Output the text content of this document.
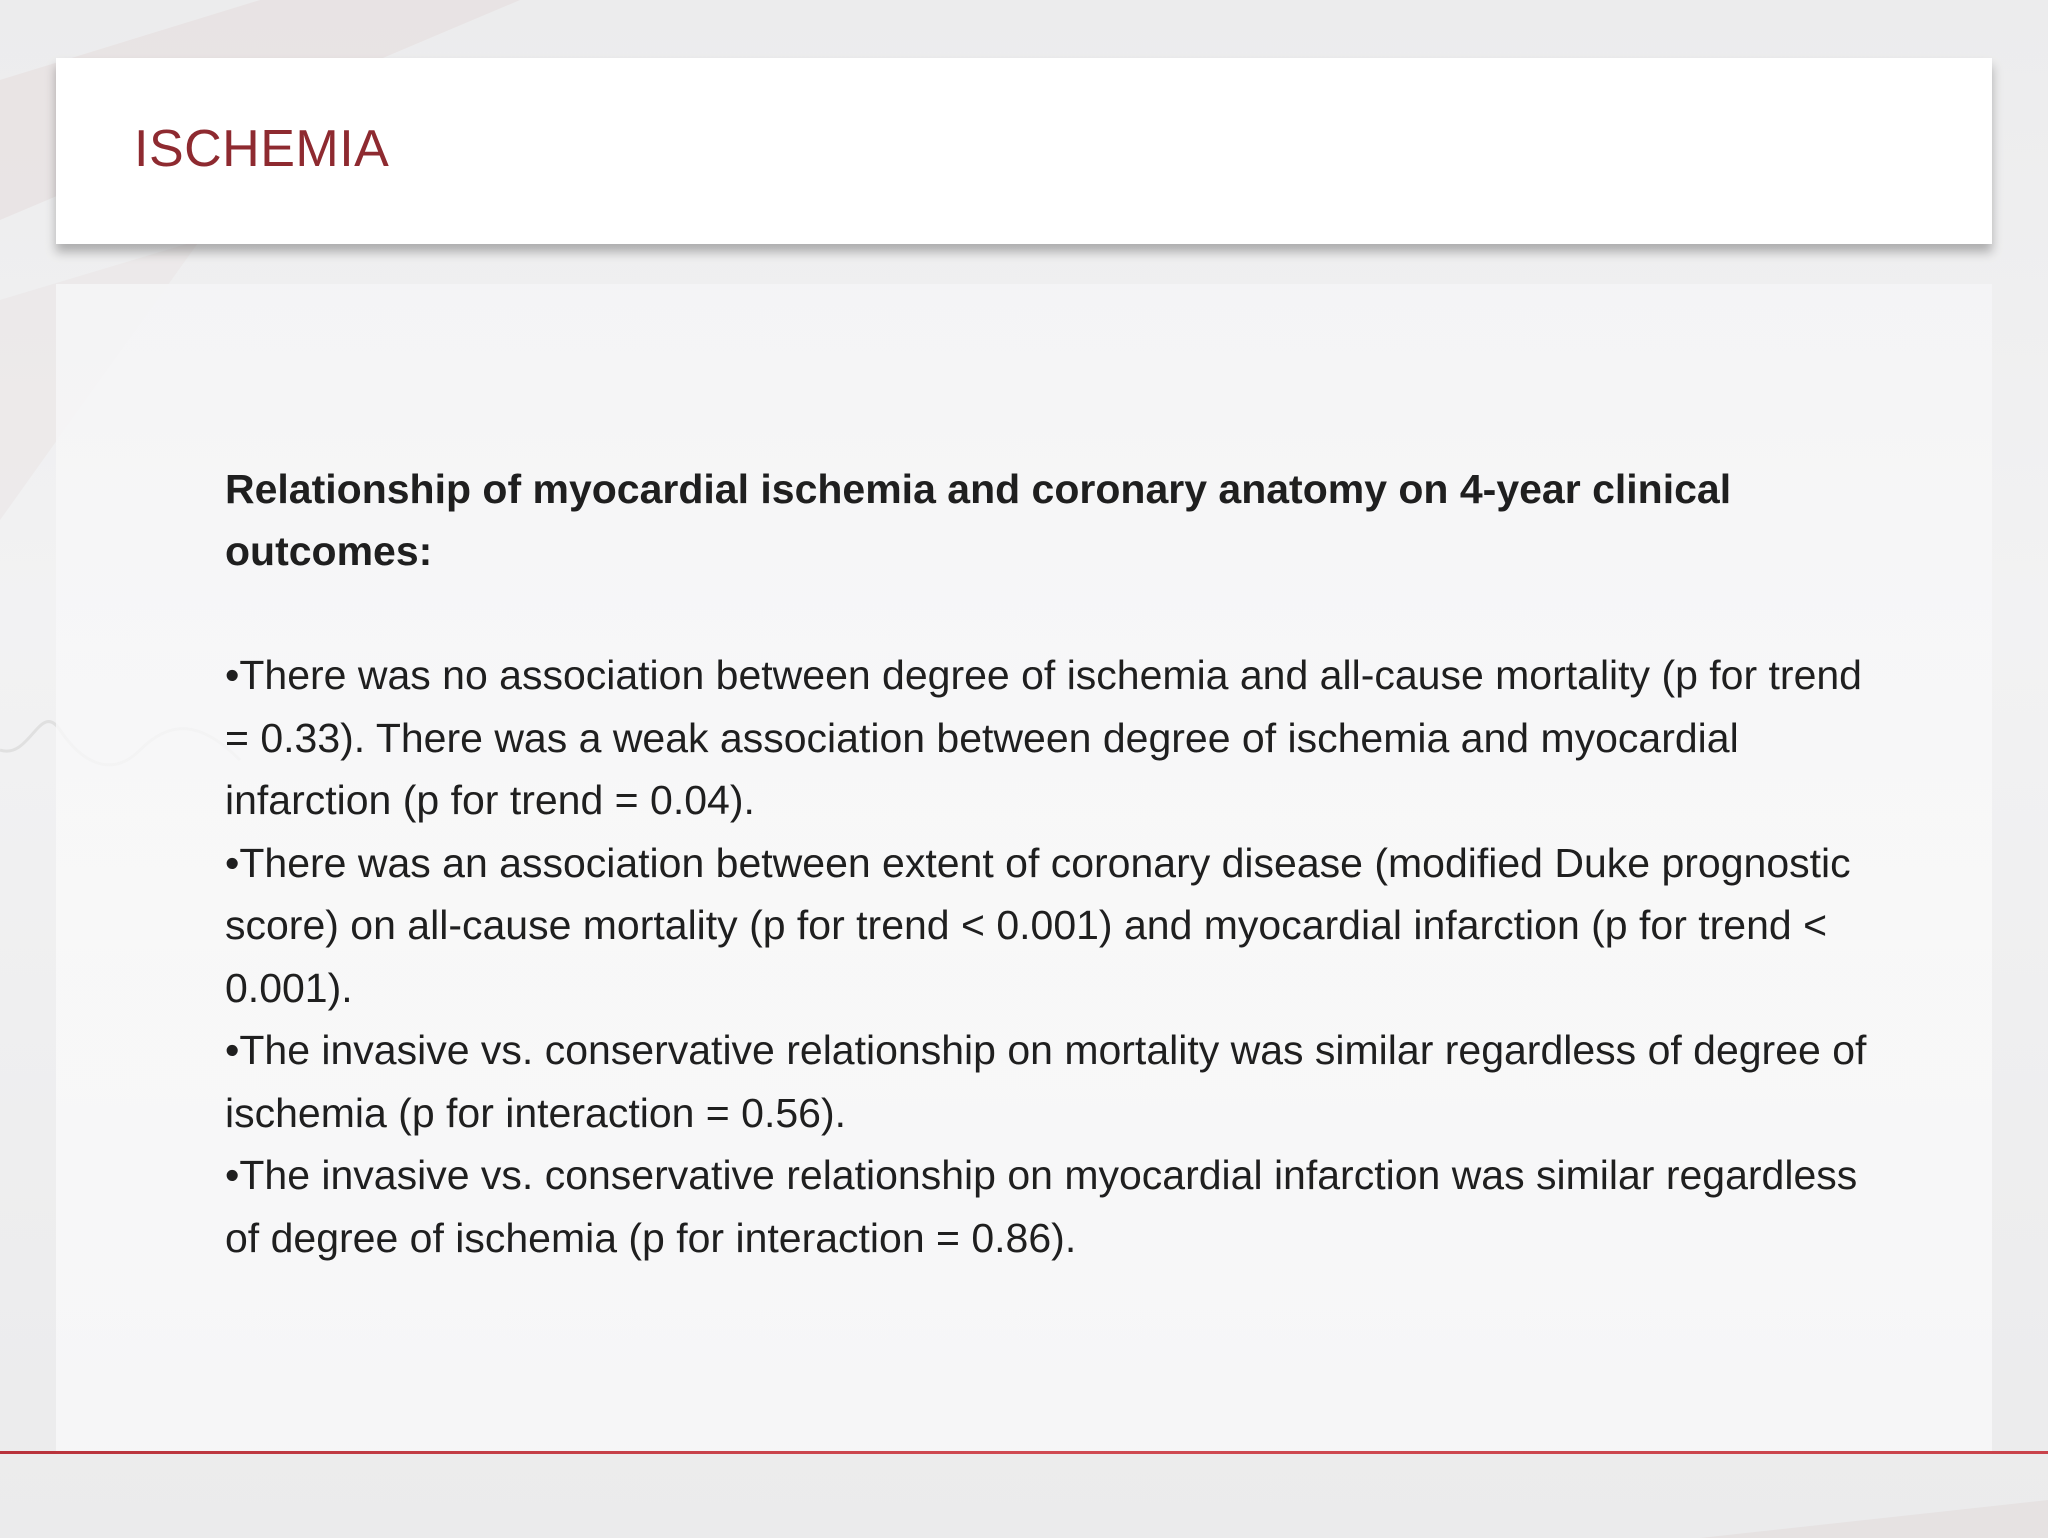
ISCHEMIA

Relationship of myocardial ischemia and coronary anatomy on 4-year clinical outcomes:

•There was no association between degree of ischemia and all-cause mortality (p for trend = 0.33). There was a weak association between degree of ischemia and myocardial infarction (p for trend = 0.04).
•There was an association between extent of coronary disease (modified Duke prognostic score) on all-cause mortality (p for trend < 0.001) and myocardial infarction (p for trend < 0.001).
•The invasive vs. conservative relationship on mortality was similar regardless of degree of ischemia (p for interaction = 0.56).
•The invasive vs. conservative relationship on myocardial infarction was similar regardless of degree of ischemia (p for interaction = 0.86).
